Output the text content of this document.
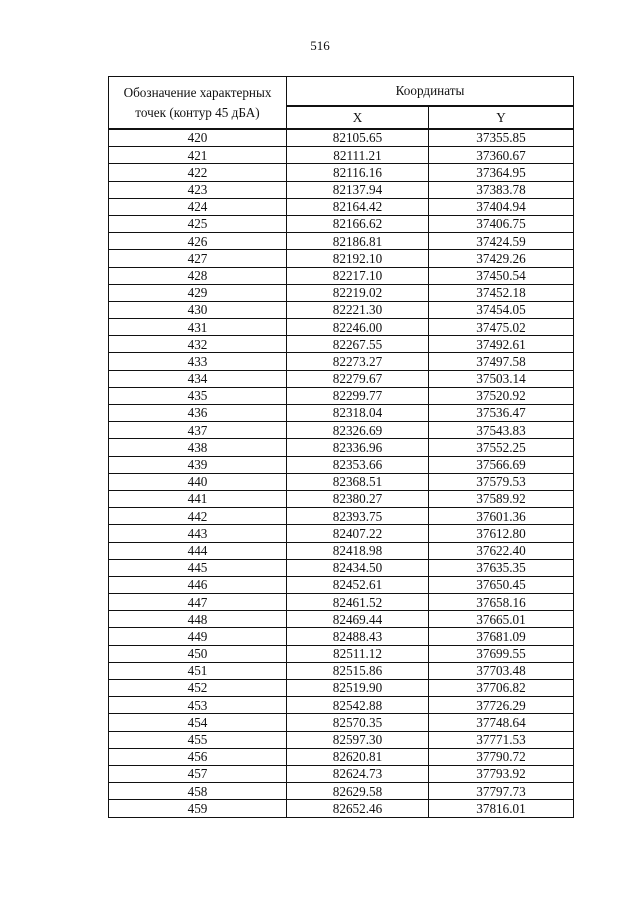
516
Обозначение характерных точек (контур 45 дБА)	Координаты	
	X	Y
420	82105.65	37355.85
421	82111.21	37360.67
422	82116.16	37364.95
423	82137.94	37383.78
424	82164.42	37404.94
425	82166.62	37406.75
426	82186.81	37424.59
427	82192.10	37429.26
428	82217.10	37450.54
429	82219.02	37452.18
430	82221.30	37454.05
431	82246.00	37475.02
432	82267.55	37492.61
433	82273.27	37497.58
434	82279.67	37503.14
435	82299.77	37520.92
436	82318.04	37536.47
437	82326.69	37543.83
438	82336.96	37552.25
439	82353.66	37566.69
440	82368.51	37579.53
441	82380.27	37589.92
442	82393.75	37601.36
443	82407.22	37612.80
444	82418.98	37622.40
445	82434.50	37635.35
446	82452.61	37650.45
447	82461.52	37658.16
448	82469.44	37665.01
449	82488.43	37681.09
450	82511.12	37699.55
451	82515.86	37703.48
452	82519.90	37706.82
453	82542.88	37726.29
454	82570.35	37748.64
455	82597.30	37771.53
456	82620.81	37790.72
457	82624.73	37793.92
458	82629.58	37797.73
459	82652.46	37816.01
